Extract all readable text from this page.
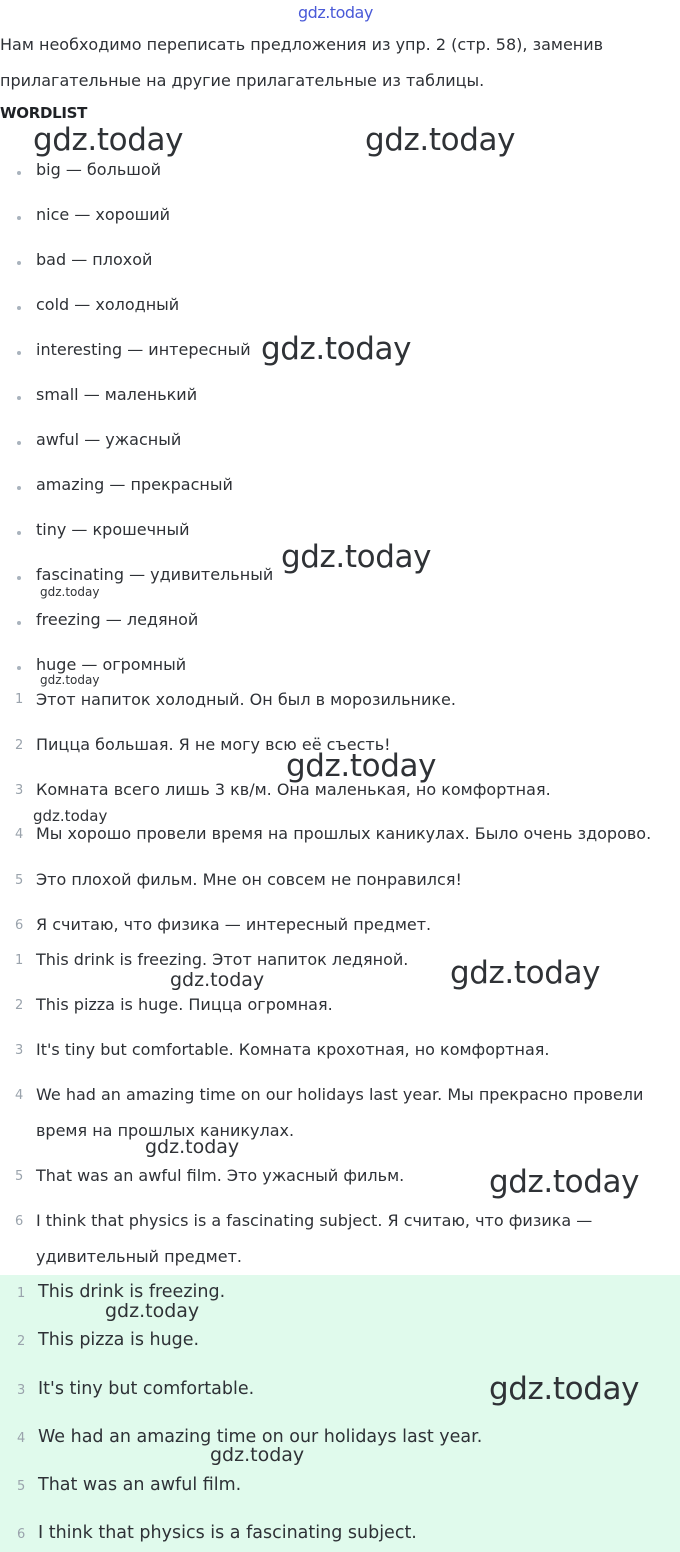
gdz.today
Нам необходимо переписать предложения из упр. 2 (стр. 58), заменив
прилагательные на другие прилагательные из таблицы.
WORDLIST
big — большой
nice — хороший
bad — плохой
cold — холодный
interesting — интересный
small — маленький
awful — ужасный
amazing — прекрасный
tiny — крошечный
fascinating — удивительный
freezing — ледяной
huge — огромный
1 Этот напиток холодный. Он был в морозильнике.
2 Пицца большая. Я не могу всю её съесть!
3 Комната всего лишь 3 кв/м. Она маленькая, но комфортная.
4 Мы хорошо провели время на прошлых каникулах. Было очень здорово.
5 Это плохой фильм. Мне он совсем не понравился!
6 Я считаю, что физика — интересный предмет.
1 This drink is freezing. Этот напиток ледяной.
2 This pizza is huge. Пицца огромная.
3 It's tiny but comfortable. Комната крохотная, но комфортная.
4 We had an amazing time on our holidays last year. Мы прекрасно провели
время на прошлых каникулах.
5 That was an awful film. Это ужасный фильм.
6 I think that physics is a fascinating subject. Я считаю, что физика —
удивительный предмет.
1 This drink is freezing.
2 This pizza is huge.
3 It's tiny but comfortable.
4 We had an amazing time on our holidays last year.
5 That was an awful film.
6 I think that physics is a fascinating subject.
gdz.today	gdz.today
gdz.today
gdz.today
gdz.today
gdz.today
gdz.today
gdz.today
gdz.today
gdz.today
gdz.today
gdz.today
gdz.today
gdz.today
gdz.today
